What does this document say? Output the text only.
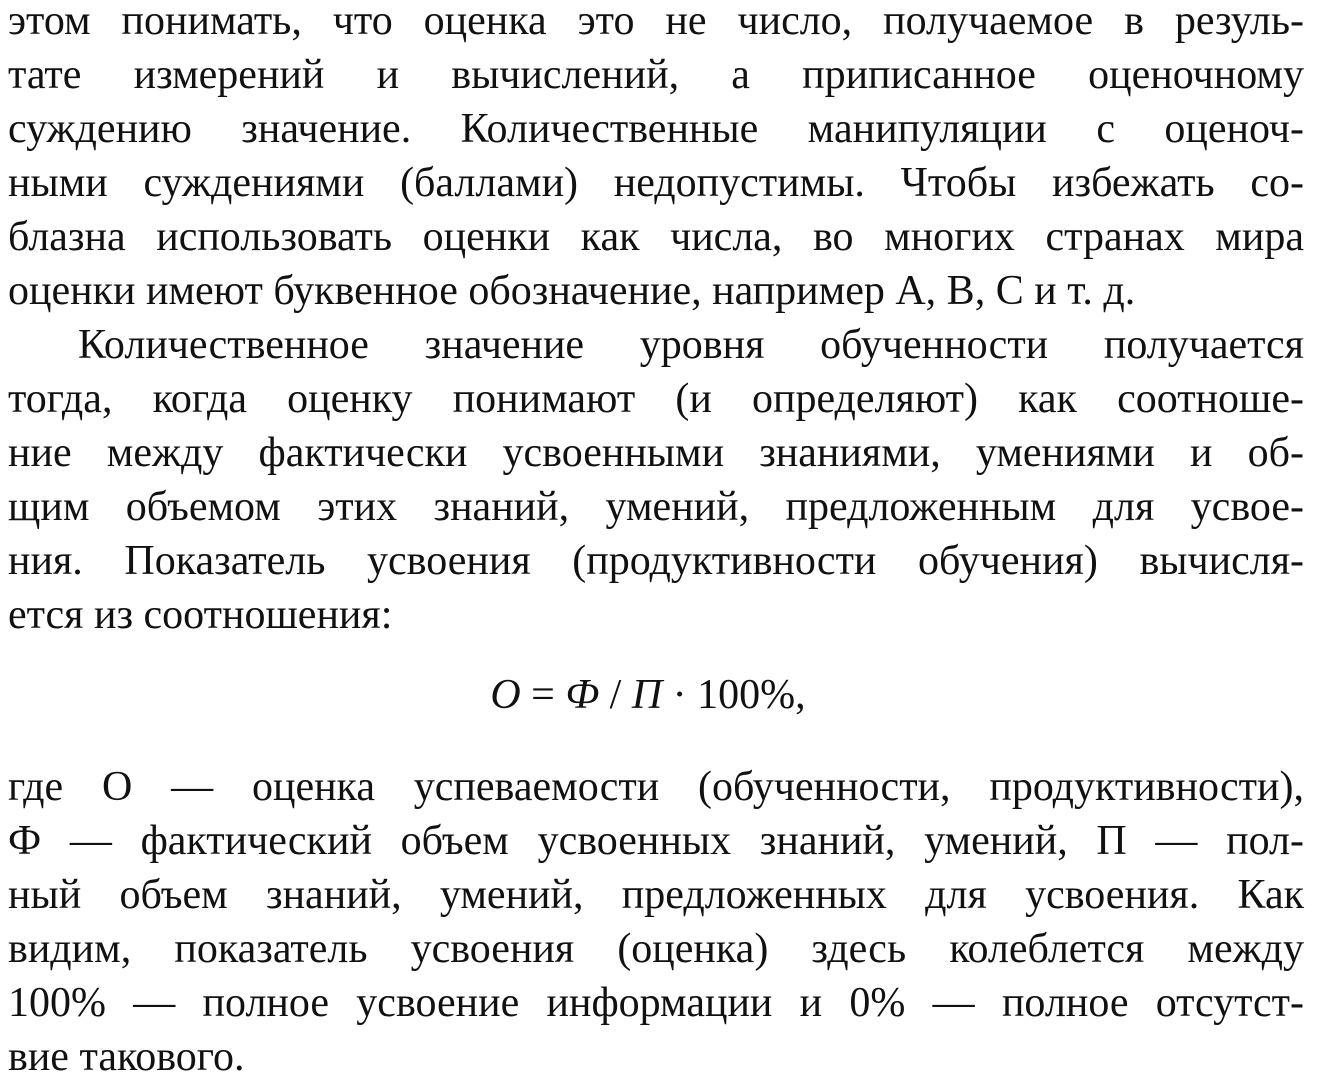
этом понимать, что оценка это не число, получаемое в резуль-
тате измерений и вычислений, а приписанное оценочному
суждению значение. Количественные манипуляции с оценоч-
ными суждениями (баллами) недопустимы. Чтобы избежать со-
блазна использовать оценки как числа, во многих странах мира
оценки имеют буквенное обозначение, например А, В, С и т. д.
Количественное значение уровня обученности получается
тогда, когда оценку понимают (и определяют) как соотноше-
ние между фактически усвоенными знаниями, умениями и об-
щим объемом этих знаний, умений, предложенным для усвое-
ния. Показатель усвоения (продуктивности обучения) вычисля-
ется из соотношения:
O = Ф / П · 100%,
где O — оценка успеваемости (обученности, продуктивности),
Ф — фактический объем усвоенных знаний, умений, П — пол-
ный объем знаний, умений, предложенных для усвоения. Как
видим, показатель усвоения (оценка) здесь колеблется между
100% — полное усвоение информации и 0% — полное отсутст-
вие такового.
